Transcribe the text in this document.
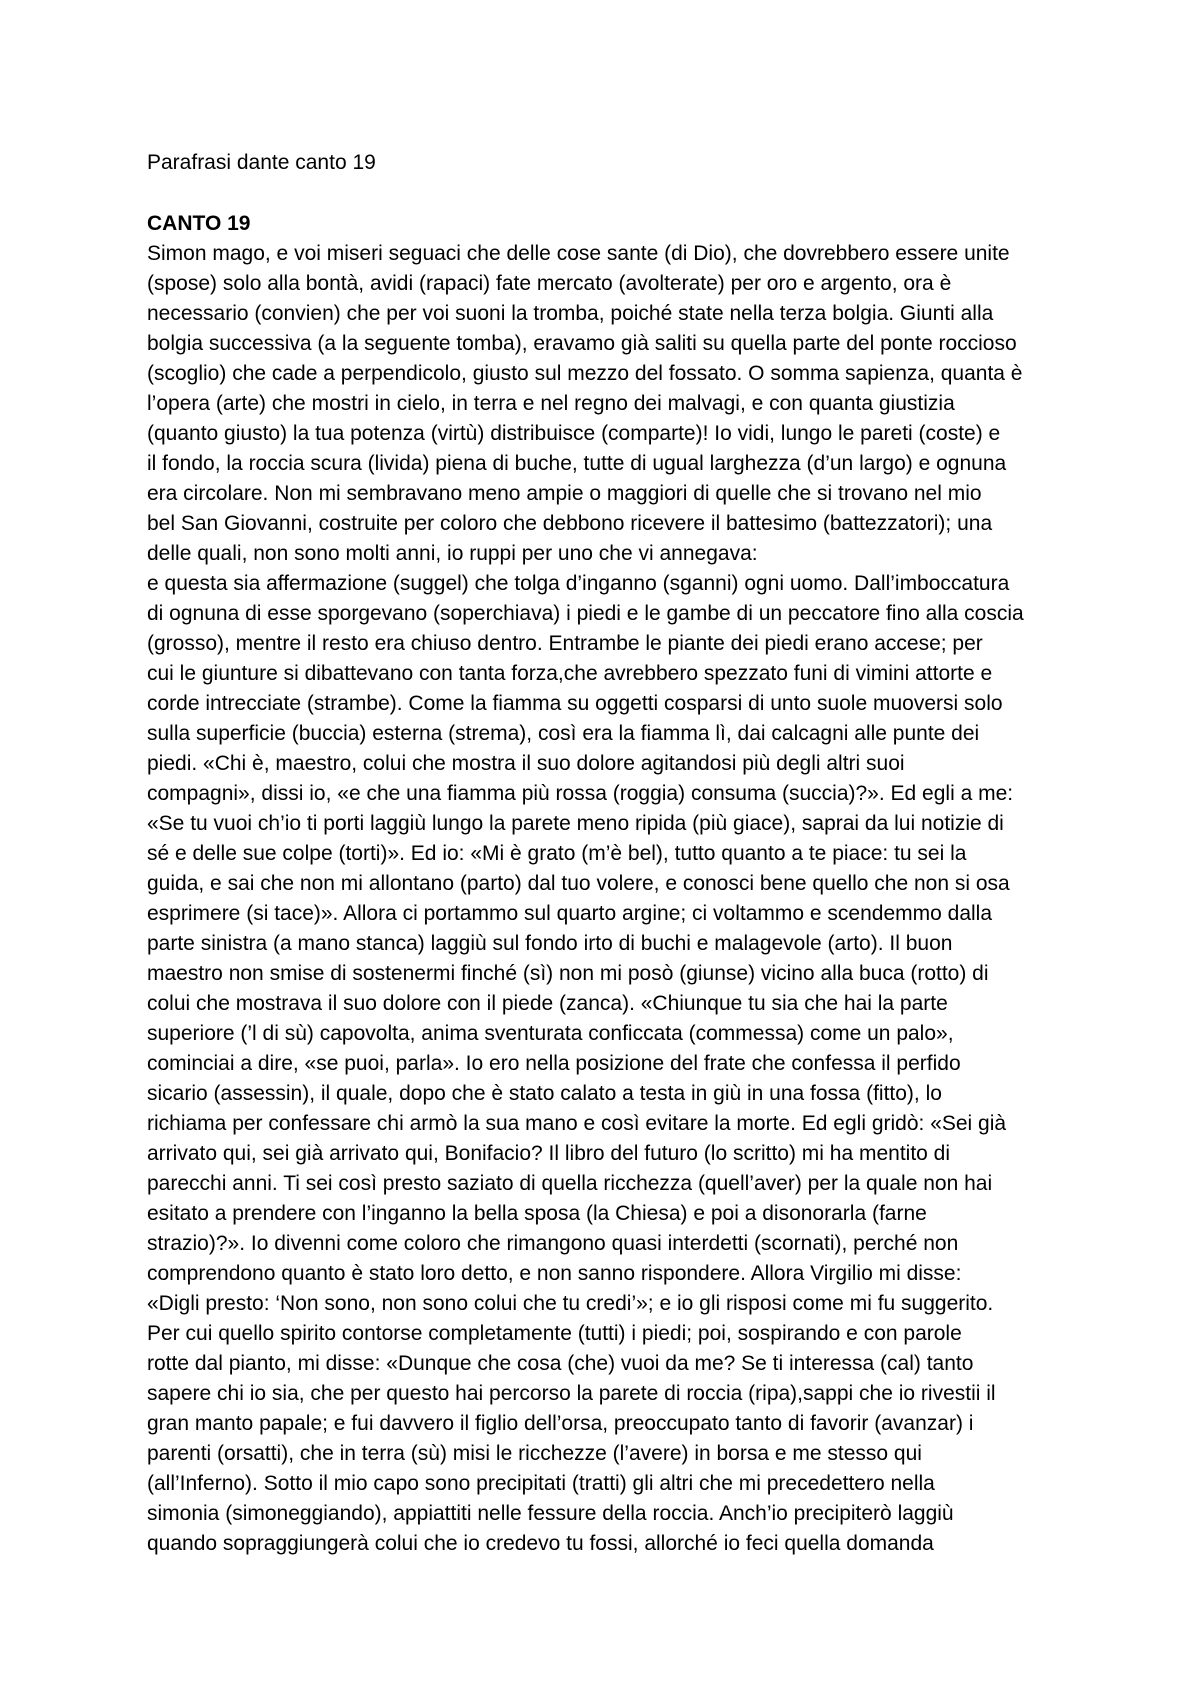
Parafrasi dante canto 19
CANTO 19
Simon mago, e voi miseri seguaci che delle cose sante (di Dio), che dovrebbero essere unite
(spose) solo alla bontà, avidi (rapaci) fate mercato (avolterate) per oro e argento, ora è
necessario (convien) che per voi suoni la tromba, poiché state nella terza bolgia. Giunti alla
bolgia successiva (a la seguente tomba), eravamo già saliti su quella parte del ponte roccioso
(scoglio) che cade a perpendicolo, giusto sul mezzo del fossato. O somma sapienza, quanta è
l’opera (arte) che mostri in cielo, in terra e nel regno dei malvagi, e con quanta giustizia
(quanto giusto) la tua potenza (virtù) distribuisce (comparte)! Io vidi, lungo le pareti (coste) e
il fondo, la roccia scura (livida) piena di buche, tutte di ugual larghezza (d’un largo) e ognuna
era circolare. Non mi sembravano meno ampie o maggiori di quelle che si trovano nel mio
bel San Giovanni, costruite per coloro che debbono ricevere il battesimo (battezzatori); una
delle quali, non sono molti anni, io ruppi per uno che vi annegava:
e questa sia affermazione (suggel) che tolga d’inganno (sganni) ogni uomo. Dall’imboccatura
di ognuna di esse sporgevano (soperchiava) i piedi e le gambe di un peccatore fino alla coscia
(grosso), mentre il resto era chiuso dentro. Entrambe le piante dei piedi erano accese; per
cui le giunture si dibattevano con tanta forza,che avrebbero spezzato funi di vimini attorte e
corde intrecciate (strambe). Come la fiamma su oggetti cosparsi di unto suole muoversi solo
sulla superficie (buccia) esterna (strema), così era la fiamma lì, dai calcagni alle punte dei
piedi. «Chi è, maestro, colui che mostra il suo dolore agitandosi più degli altri suoi
compagni», dissi io, «e che una fiamma più rossa (roggia) consuma (succia)?». Ed egli a me:
«Se tu vuoi ch’io ti porti laggiù lungo la parete meno ripida (più giace), saprai da lui notizie di
sé e delle sue colpe (torti)». Ed io: «Mi è grato (m’è bel), tutto quanto a te piace: tu sei la
guida, e sai che non mi allontano (parto) dal tuo volere, e conosci bene quello che non si osa
esprimere (si tace)». Allora ci portammo sul quarto argine; ci voltammo e scendemmo dalla
parte sinistra (a mano stanca) laggiù sul fondo irto di buchi e malagevole (arto). Il buon
maestro non smise di sostenermi finché (sì) non mi posò (giunse) vicino alla buca (rotto) di
colui che mostrava il suo dolore con il piede (zanca). «Chiunque tu sia che hai la parte
superiore (’l di sù) capovolta, anima sventurata conficcata (commessa) come un palo»,
cominciai a dire, «se puoi, parla». Io ero nella posizione del frate che confessa il perfido
sicario (assessin), il quale, dopo che è stato calato a testa in giù in una fossa (fitto), lo
richiama per confessare chi armò la sua mano e così evitare la morte. Ed egli gridò: «Sei già
arrivato qui, sei già arrivato qui, Bonifacio? Il libro del futuro (lo scritto) mi ha mentito di
parecchi anni. Ti sei così presto saziato di quella ricchezza (quell’aver) per la quale non hai
esitato a prendere con l’inganno la bella sposa (la Chiesa) e poi a disonorarla (farne
strazio)?». Io divenni come coloro che rimangono quasi interdetti (scornati), perché non
comprendono quanto è stato loro detto, e non sanno rispondere. Allora Virgilio mi disse:
«Digli presto: ‘Non sono, non sono colui che tu credi’»; e io gli risposi come mi fu suggerito.
Per cui quello spirito contorse completamente (tutti) i piedi; poi, sospirando e con parole
rotte dal pianto, mi disse: «Dunque che cosa (che) vuoi da me? Se ti interessa (cal) tanto
sapere chi io sia, che per questo hai percorso la parete di roccia (ripa),sappi che io rivestii il
gran manto papale; e fui davvero il figlio dell’orsa, preoccupato tanto di favorir (avanzar) i
parenti (orsatti), che in terra (sù) misi le ricchezze (l’avere) in borsa e me stesso qui
(all’Inferno). Sotto il mio capo sono precipitati (tratti) gli altri che mi precedettero nella
simonia (simoneggiando), appiattiti nelle fessure della roccia. Anch’io precipiterò laggiù
quando sopraggiungerà colui che io credevo tu fossi, allorché io feci quella domanda
